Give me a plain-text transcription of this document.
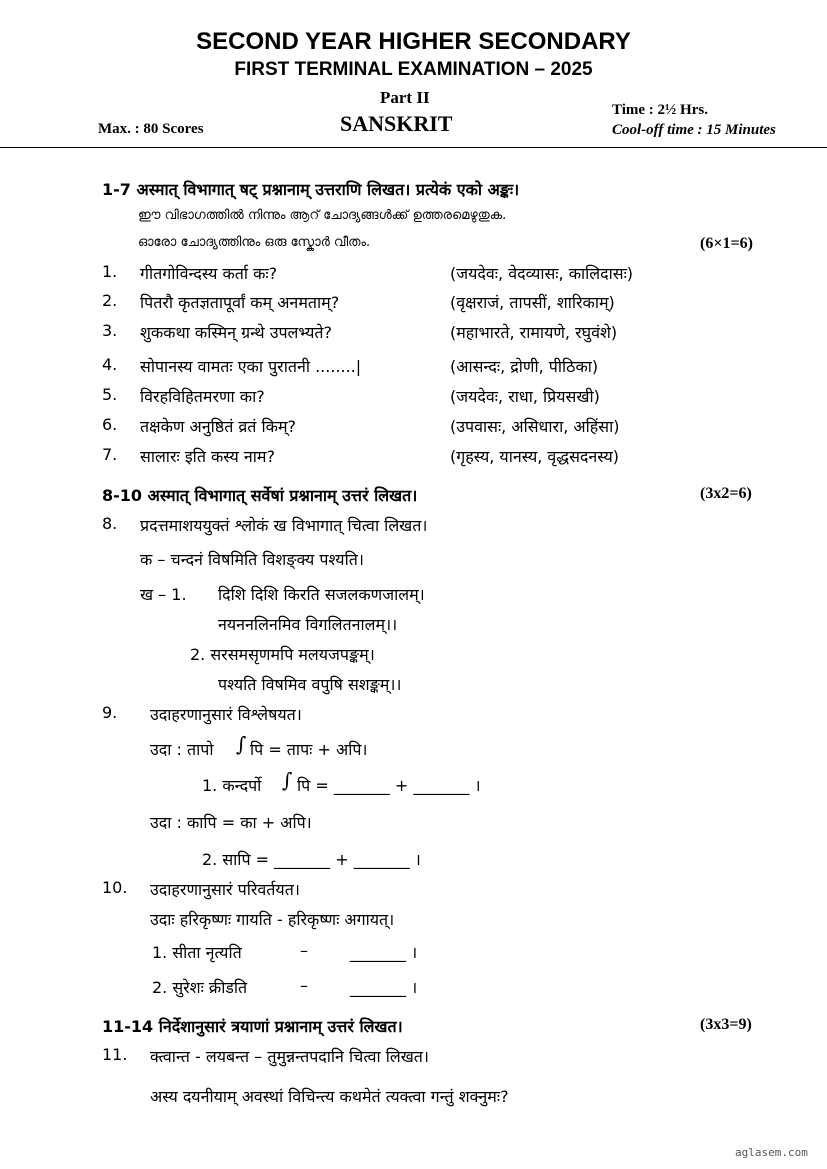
SECOND YEAR HIGHER SECONDARY
FIRST TERMINAL EXAMINATION – 2025
Part II
SANSKRIT
Max. : 80 Scores
Time : 2½ Hrs.
Cool-off time : 15 Minutes
1-7 अस्मात् विभागात् षट् प्रश्नानाम् उत्तराणि लिखत। प्रत्येकं एको अङ्कः।
ഈ വിഭാഗത്തിൽ നിന്നും ആറ് ചോദ്യങ്ങൾക്ക് ഉത്തരമെഴുതുക.
ഓരോ ചോദ്യത്തിനും ഒരു സ്കോർ വീതം.	(6×1=6)
1. गीतगोविन्दस्य कर्ता कः?	(जयदेवः, वेदव्यासः, कालिदासः)
2. पितरौ कृतज्ञतापूर्वां कम् अनमताम्?	(वृक्षराजं, तापसीं, शारिकाम्)
3. शुककथा कस्मिन् ग्रन्थे उपलभ्यते?	(महाभारते, रामायणे, रघुवंशे)
4. सोपानस्य वामतः एका पुरातनी ........|	(आसन्दः, द्रोणी, पीठिका)
5. विरहविहितमरणा का?	(जयदेवः, राधा, प्रियसखी)
6. तक्षकेण अनुष्ठितं व्रतं किम्?	(उपवासः, असिधारा, अहिंसा)
7. सालारः इति कस्य नाम?	(गृहस्य, यानस्य, वृद्धसदनस्य)
8-10 अस्मात् विभागात् सर्वेषां प्रश्नानाम् उत्तरं लिखत।	(3x2=6)
8. प्रदत्तमाशययुक्तं श्लोकं ख विभागात् चित्वा लिखत।
क – चन्दनं विषमिति विशङ्क्य पश्यति।
ख – 1. दिशि दिशि किरति सजलकणजालम्।
नयननलिनमिव विगलितनालम्।।
2. सरसमसृणमपि मलयजपङ्कम्।
पश्यति विषमिव वपुषि सशङ्कम्।।
9. उदाहरणानुसारं विश्लेषयत।
उदा : तापो ∫ पि = तापः + अपि।
1. कन्दर्पो ∫ पि = _______ + _______ ।
उदा : कापि = का + अपि।
2. सापि = _______ + _______ ।
10. उदाहरणानुसारं परिवर्तयत।
उदाः हरिकृष्णः गायति - हरिकृष्णः अगायत्।
1. सीता नृत्यति	–	_______ ।
2. सुरेशः क्रीडति	–	_______ ।
11-14 निर्देशानुसारं त्रयाणां प्रश्नानाम् उत्तरं लिखत।	(3x3=9)
11. क्त्वान्त - लयबन्त – तुमुन्नन्तपदानि चित्वा लिखत।
अस्य दयनीयाम् अवस्थां विचिन्त्य कथमेतं त्यक्त्वा गन्तुं शक्नुमः?
aglasem.com
